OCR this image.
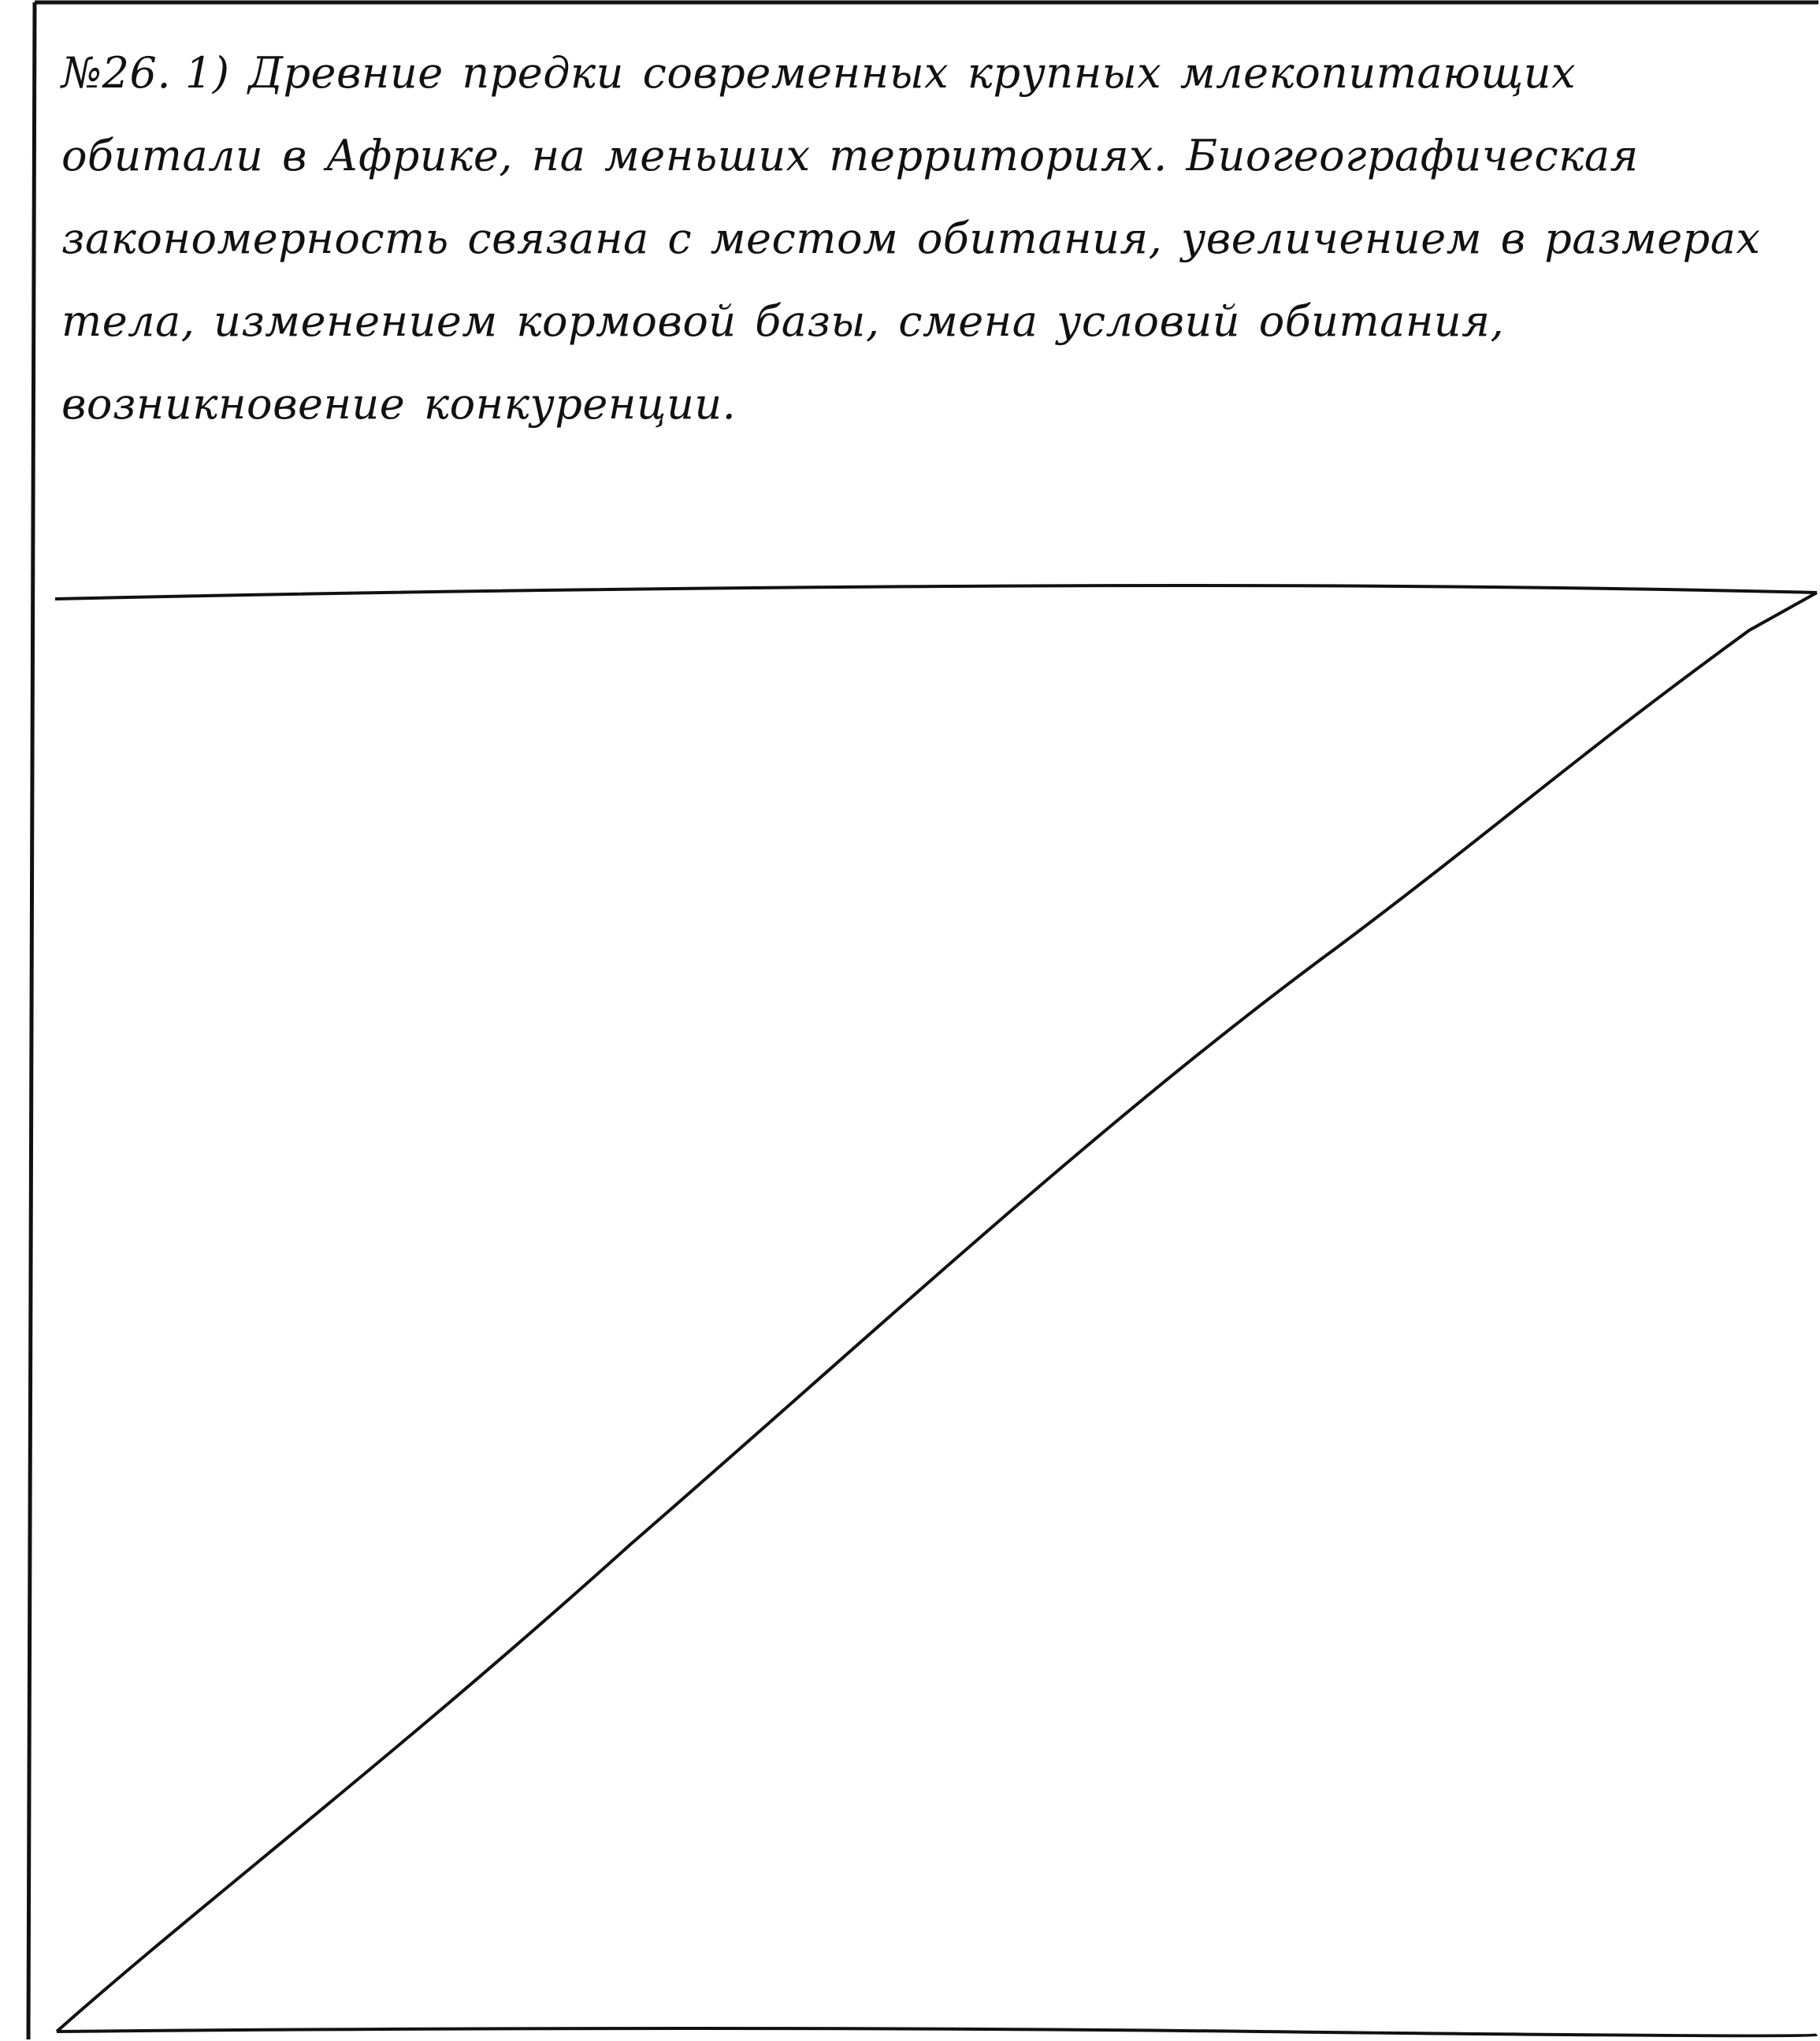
№26. 1) Древние предки современных крупных млекопитающих обитали в Африке, на меньших территориях. Биогеографическая закономерность связана с местом обитания, увеличением в размерах тела, изменением кормовой базы, смена условий обитания, возникновение конкуренции.
